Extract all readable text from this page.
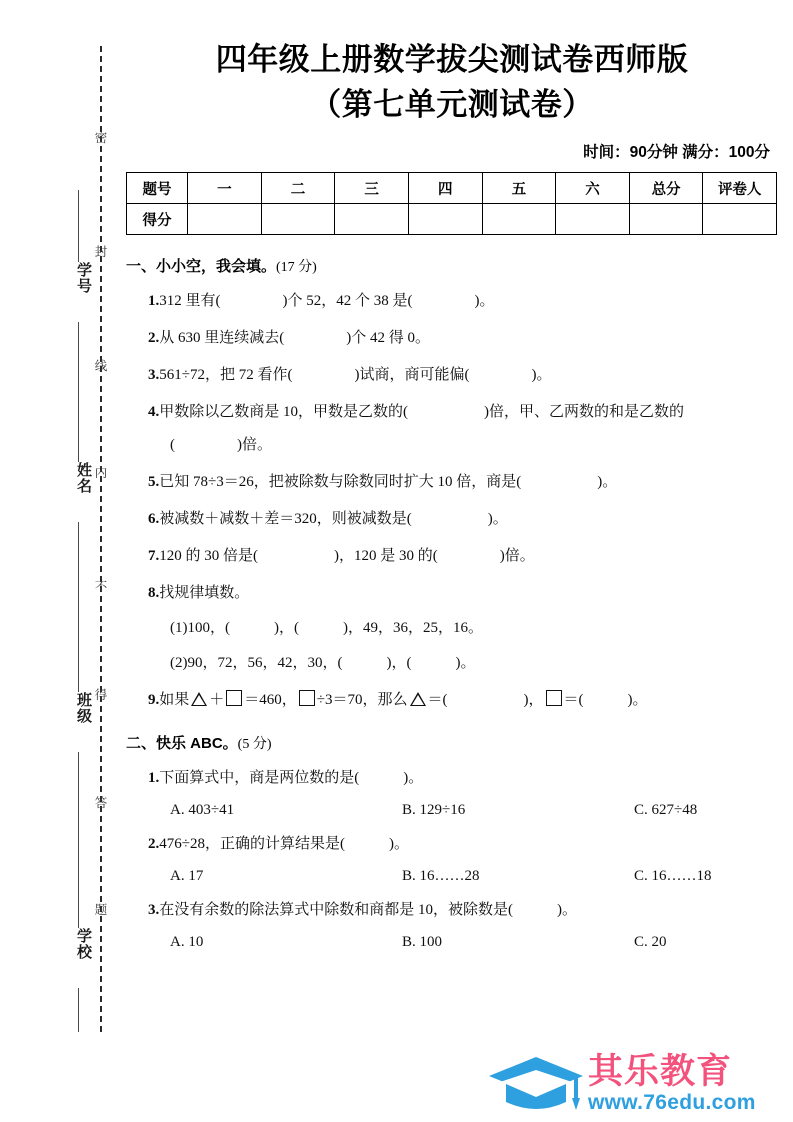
密
封
线
内
不
得
答
题
学号
姓名
班级
学校
四年级上册数学拔尖测试卷西师版
（第七单元测试卷）
时间：90分钟 满分：100分
题号	一	二	三	四	五	六	总分	评卷人
得分								
一、小小空，我会填。(17 分)
1.312 里有(	)个 52，42 个 38 是(	)。
2.从 630 里连续减去(	)个 42 得 0。
3.561÷72，把 72 看作(	)试商，商可能偏(	)。
4.甲数除以乙数商是 10，甲数是乙数的(	)倍，甲、乙两数的和是乙数的
(	)倍。
5.已知 78÷3＝26，把被除数与除数同时扩大 10 倍，商是(	)。
6.被减数＋减数＋差＝320，则被减数是(	)。
7.120 的 30 倍是(	)，120 是 30 的(	)倍。
8.找规律填数。
(1)100，(	)，(	)，49，36，25，16。
(2)90，72，56，42，30，(	)，(	)。
9.如果 ＋ ＝460， ÷3＝70，那么 ＝(	)， ＝(	)。
二、快乐 ABC。(5 分)
1.下面算式中，商是两位数的是(	)。
A. 403÷41	B. 129÷16	C. 627÷48
2.476÷28，正确的计算结果是(	)。
A. 17	B. 16……28	C. 16……18
3.在没有余数的除法算式中除数和商都是 10，被除数是(	)。
A. 10	B. 100	C. 20
其乐教育
www.76edu.com
